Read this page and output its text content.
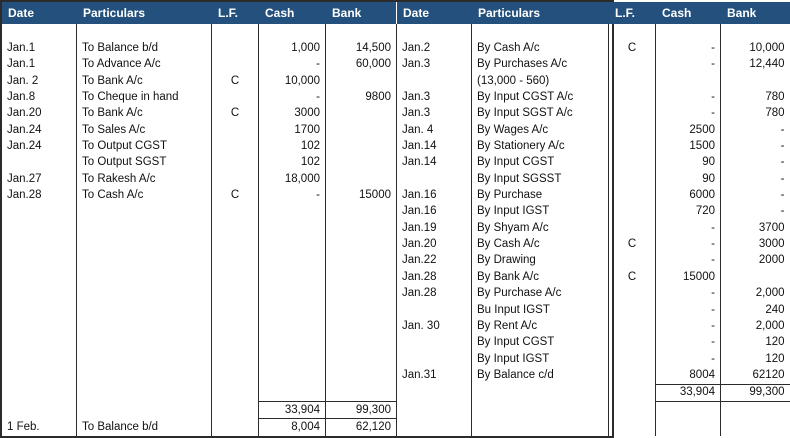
Date	Particulars	L.F.	Cash	Bank	Date	Particulars	L.F.	Cash	Bank

Jan.1	To Balance b/d		1,000	14,500	Jan.2	By Cash A/c	C	-	10,000
Jan.1	To Advance A/c		-	60,000	Jan.3	By Purchases A/c		-	12,440
Jan. 2	To Bank A/c	C	10,000			(13,000 - 560)			
Jan.8	To Cheque in hand		-	9800	Jan.3	By Input CGST A/c		-	780
Jan.20	To Bank A/c	C	3000		Jan.3	By Input SGST A/c		-	780
Jan.24	To Sales A/c		1700		Jan. 4	By Wages A/c		2500	-
Jan.24	To Output CGST		102		Jan.14	By Stationery A/c		1500	-
	To Output SGST		102		Jan.14	By Input CGST		90	-
Jan.27	To Rakesh A/c		18,000			By Input SGSST		90	-
Jan.28	To Cash A/c	C	-	15000	Jan.16	By Purchase		6000	-
					Jan.16	By Input IGST		720	-
					Jan.19	By Shyam A/c		-	3700
					Jan.20	By Cash A/c	C	-	3000
					Jan.22	By Drawing		-	2000
					Jan.28	By Bank A/c	C	15000	
					Jan.28	By Purchase A/c		-	2,000
						Bu Input IGST		-	240
					Jan. 30	By Rent A/c		-	2,000
						By Input CGST		-	120
						By Input IGST		-	120
					Jan.31	By Balance c/d		8004	62120
								33,904	99,300
			33,904	99,300					
1 Feb.	To Balance b/d		8,004	62,120					
